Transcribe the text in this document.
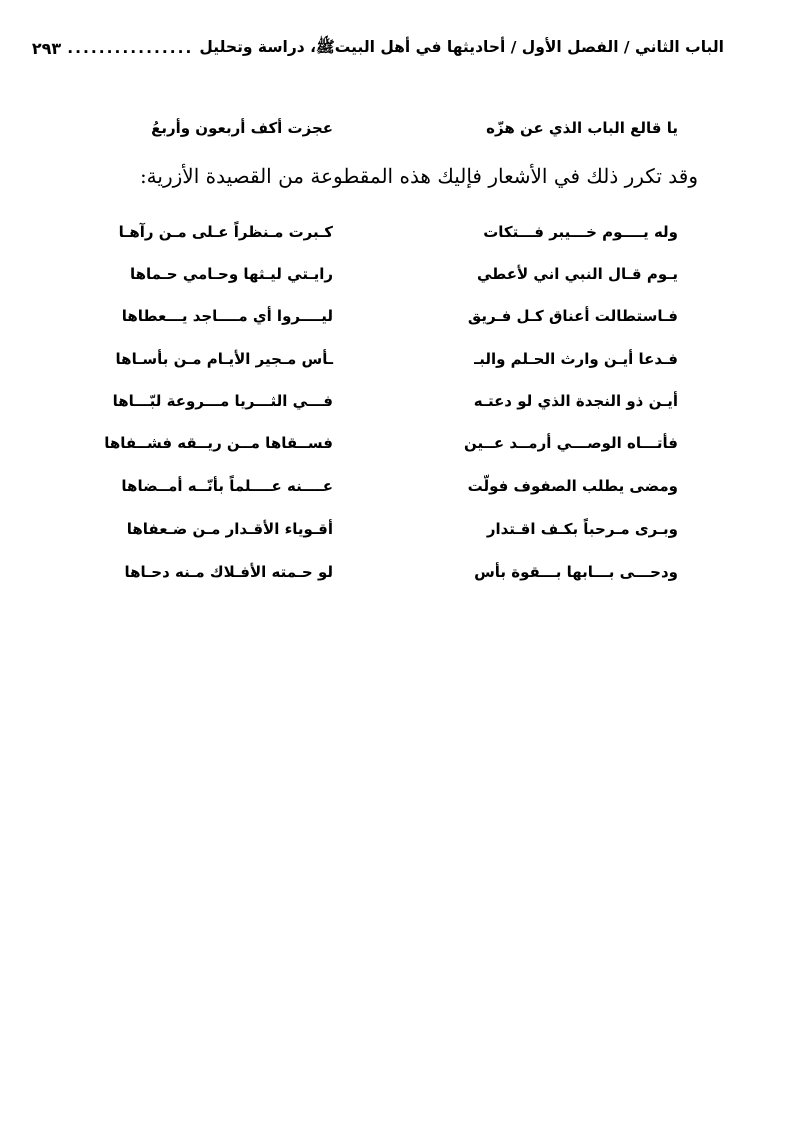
الباب الثاني / الفصل الأول / أحاديثها في أهل البيتﷺ، دراسة وتحليل
................
٢٩٣
يا قالع الباب الذي عن هزّه
عجزت أكف أربعون وأربعُ
وقد تكرر ذلك في الأشعار فإليك هذه المقطوعة من القصيدة الأزرية:
وله يــــوم خـــيبر فـــتكات
كـبرت مـنظراً عـلى مـن رآهـا
يـوم قـال النبي اني لأعطي
رايـتي ليـثها وحـامي حـماها
فـاستطالت أعناق كـل فـريق
ليــــروا أي مــــاجد يـــعطاها
فـدعا أيـن وارث الحـلم والبـ
ـأس مـجير الأيـام مـن بأسـاها
أيـن ذو النجدة الذي لو دعتـه
فـــي الثـــريا مـــروعة لبّـــاها
فأتـــاه الوصـــي أرمــد عــين
فســقاها مــن ريــقه فشــفاها
ومضى يطلب الصفوف فولّت
عــــنه عــــلماً بأنّــه أمــضاها
وبـرى مـرحباً بكـف اقـتدار
أقـوياء الأقـدار مـن ضـعفاها
ودحـــى بـــابها بـــقوة بأس
لو حـمته الأفـلاك مـنه دحـاها
